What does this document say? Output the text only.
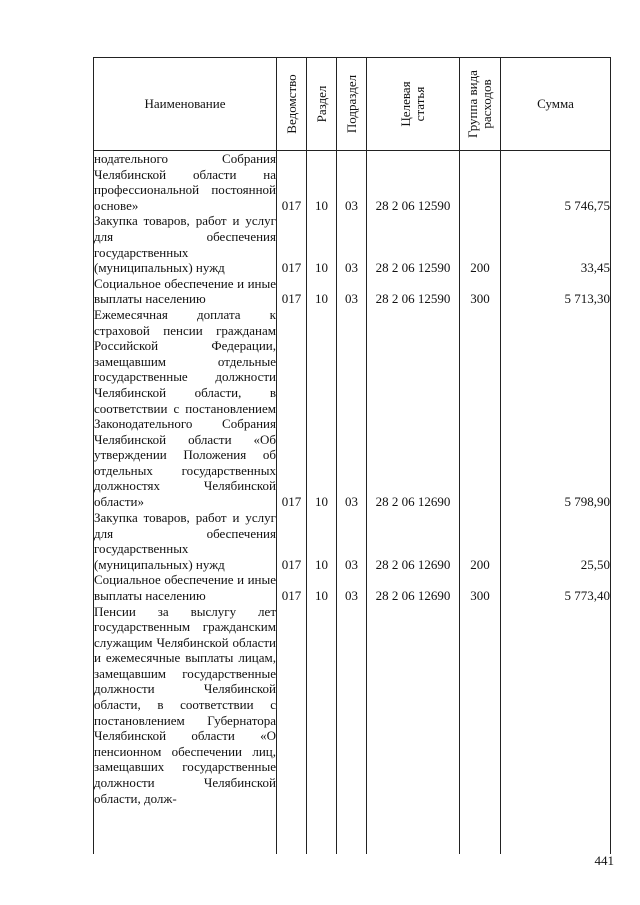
Наименование	Ведомство	Раздел	Подраздел	Целевая статья	Группа вида расходов	Сумма

нодательного Собрания Челябинской области на профессиональной постоянной основе»	017	10	03	28 2 06 12590		5 746,75
Закупка товаров, работ и услуг для обеспечения государственных (муниципальных) нужд	017	10	03	28 2 06 12590	200	33,45
Социальное обеспечение и иные выплаты населению	017	10	03	28 2 06 12590	300	5 713,30
Ежемесячная доплата к страховой пенсии гражданам Российской Федерации, замещавшим отдельные государственные должности Челябинской области, в соответствии с постановлением Законодательного Собрания Челябинской области «Об утверждении Положения об отдельных государственных должностях Челябинской области»	017	10	03	28 2 06 12690		5 798,90
Закупка товаров, работ и услуг для обеспечения государственных (муниципальных) нужд	017	10	03	28 2 06 12690	200	25,50
Социальное обеспечение и иные выплаты населению	017	10	03	28 2 06 12690	300	5 773,40
Пенсии за выслугу лет государственным гражданским служащим Челябинской области и ежемесячные выплаты лицам, замещавшим государственные должности Челябинской области, в соответствии с постановлением Губернатора Челябинской области «О пенсионном обеспечении лиц, замещавших государственные должности Челябинской области, долж-						
441
